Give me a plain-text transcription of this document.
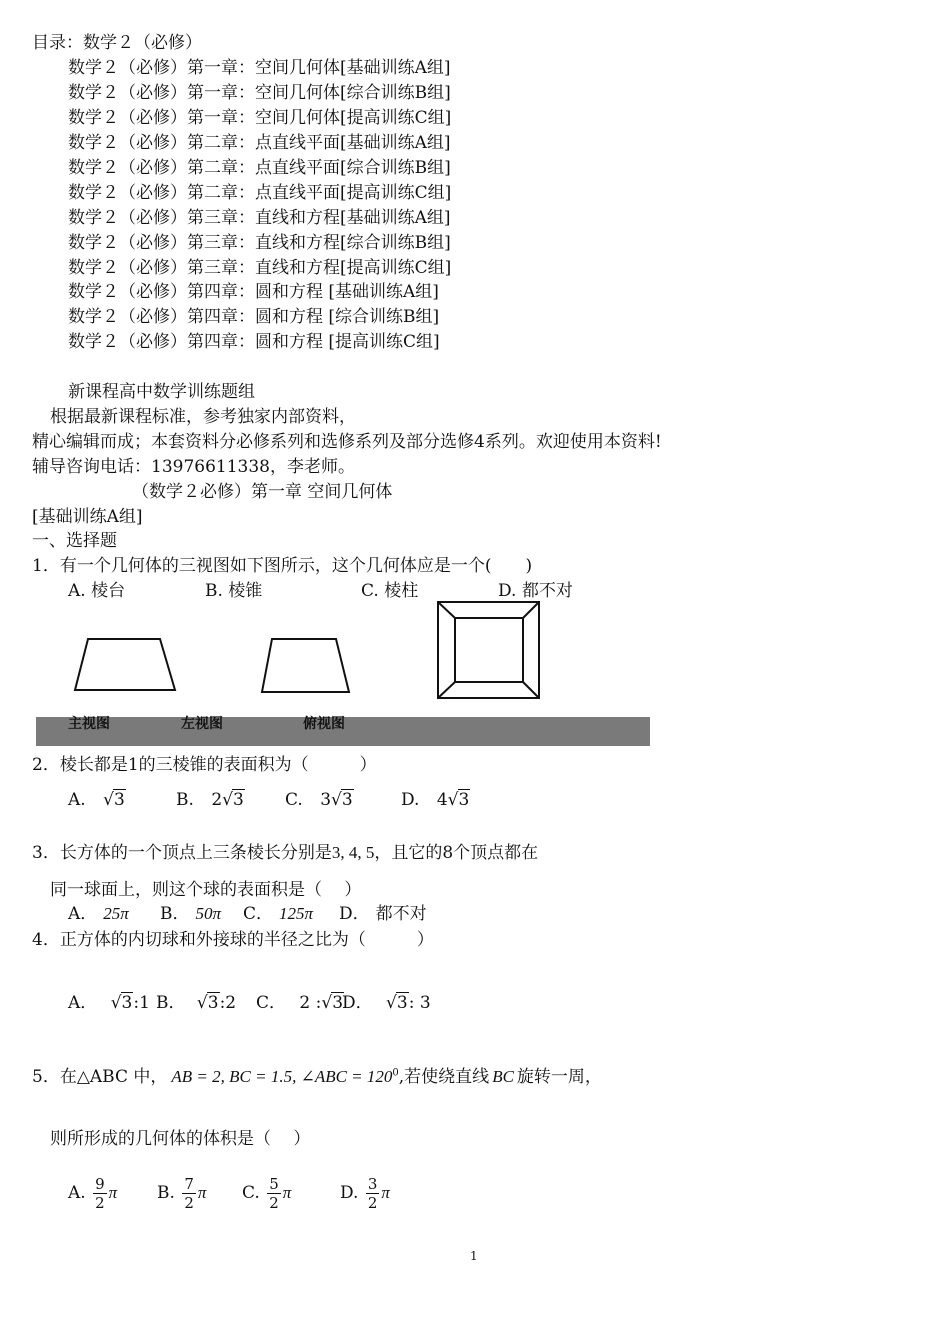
目录：数学２（必修）
数学２（必修）第一章：空间几何体[基础训练A组]
数学２（必修）第一章：空间几何体[综合训练B组]
数学２（必修）第一章：空间几何体[提高训练C组]
数学２（必修）第二章：点直线平面[基础训练A组]
数学２（必修）第二章：点直线平面[综合训练B组]
数学２（必修）第二章：点直线平面[提高训练C组]
数学２（必修）第三章：直线和方程[基础训练A组]
数学２（必修）第三章：直线和方程[综合训练B组]
数学２（必修）第三章：直线和方程[提高训练C组]
数学２（必修）第四章：圆和方程 [基础训练A组]
数学２（必修）第四章：圆和方程 [综合训练B组]
数学２（必修）第四章：圆和方程 [提高训练C组]
新课程高中数学训练题组
根据最新课程标准，参考独家内部资料，
精心编辑而成；本套资料分必修系列和选修系列及部分选修4系列。欢迎使用本资料!
辅导咨询电话：13976611338，李老师。
（数学２必修）第一章 空间几何体
[基础训练A组]
一、选择题
1．有一个几何体的三视图如下图所示，这个几何体应是一个(　　)
A. 棱台	B. 棱锥	C. 棱柱	D. 都不对
主视图	左视图	俯视图
2．棱长都是1的三棱锥的表面积为（　　　）
A. √3	B. 2√3 C. 3√3	D. 4√3
3．长方体的一个顶点上三条棱长分别是3, 4, 5，且它的8个顶点都在
同一球面上，则这个球的表面积是（　 ）
A． 25π B． 50π C． 125π D． 都不对
4．正方体的内切球和外接球的半径之比为（　　　）
A． √3:1 B． √3:2 C． 2 :√3
D． √3: 3
5．在△ABC 中， AB = 2, BC = 1.5, ∠ABC = $120^0$,若使绕直线 BC 旋转一周，
则所形成的几何体的体积是（　 ）
A. $\frac{9}{2}$ π B. $\frac{7}{2}$ π C. $\frac{5}{2}$ π	D. $\frac{3}{2}$ π
1
